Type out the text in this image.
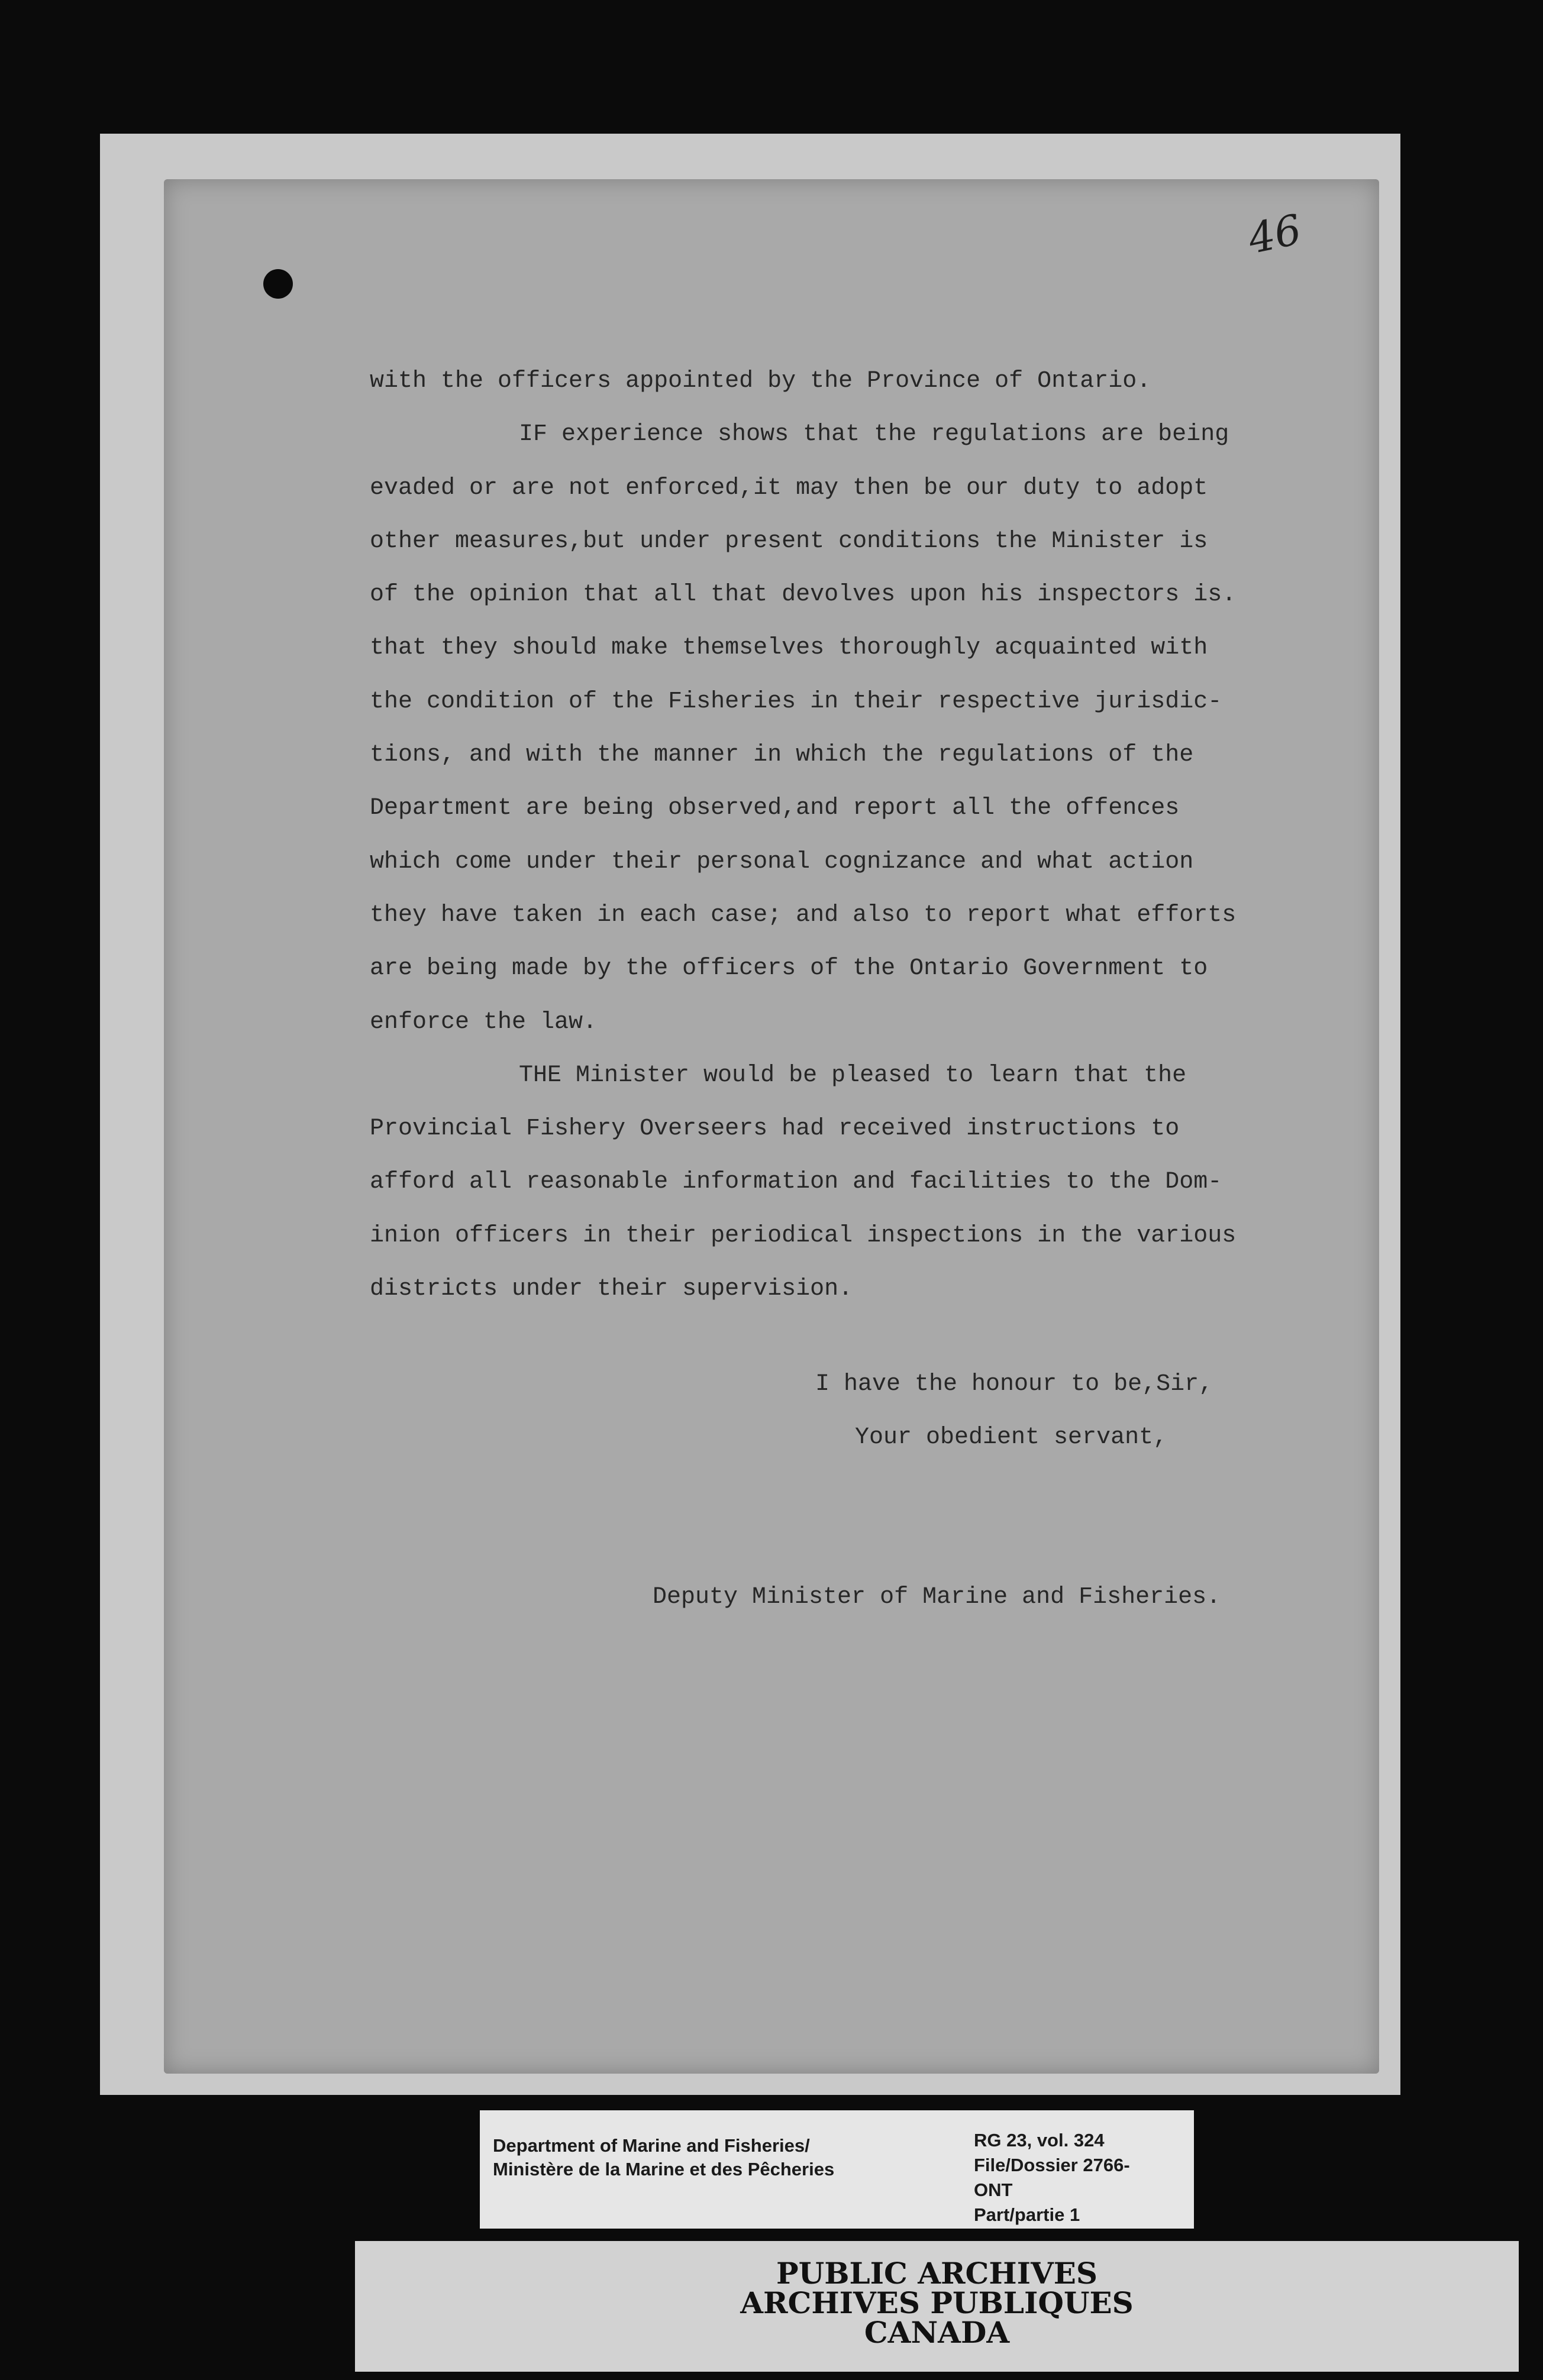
46
with the officers appointed by the Province of Ontario.
IF experience shows that the regulations are being
evaded or are not enforced,it may then be our duty to adopt
other measures,but under present conditions the Minister is
of the opinion that all that devolves upon his inspectors is.
that they should make themselves thoroughly acquainted with
the condition of the Fisheries in their respective jurisdic-
tions, and with the manner in which the regulations of the
Department are being observed,and report all the offences
which come under their personal cognizance and what action
they have taken in each case; and also to report what efforts
are being made by the officers of the Ontario Government to
enforce the law.
THE Minister would be pleased to learn that the
Provincial Fishery Overseers had received instructions to
afford all reasonable information and facilities to the Dom-
inion officers in their periodical inspections in the various
districts under their supervision.
I have the honour to be,Sir,
Your obedient servant,
Deputy Minister of Marine and Fisheries.
Department of Marine and Fisheries/
Ministère de la Marine et des Pêcheries
RG 23, vol. 324
File/Dossier 2766-
ONT
Part/partie 1
PUBLIC ARCHIVES
ARCHIVES PUBLIQUES
CANADA
